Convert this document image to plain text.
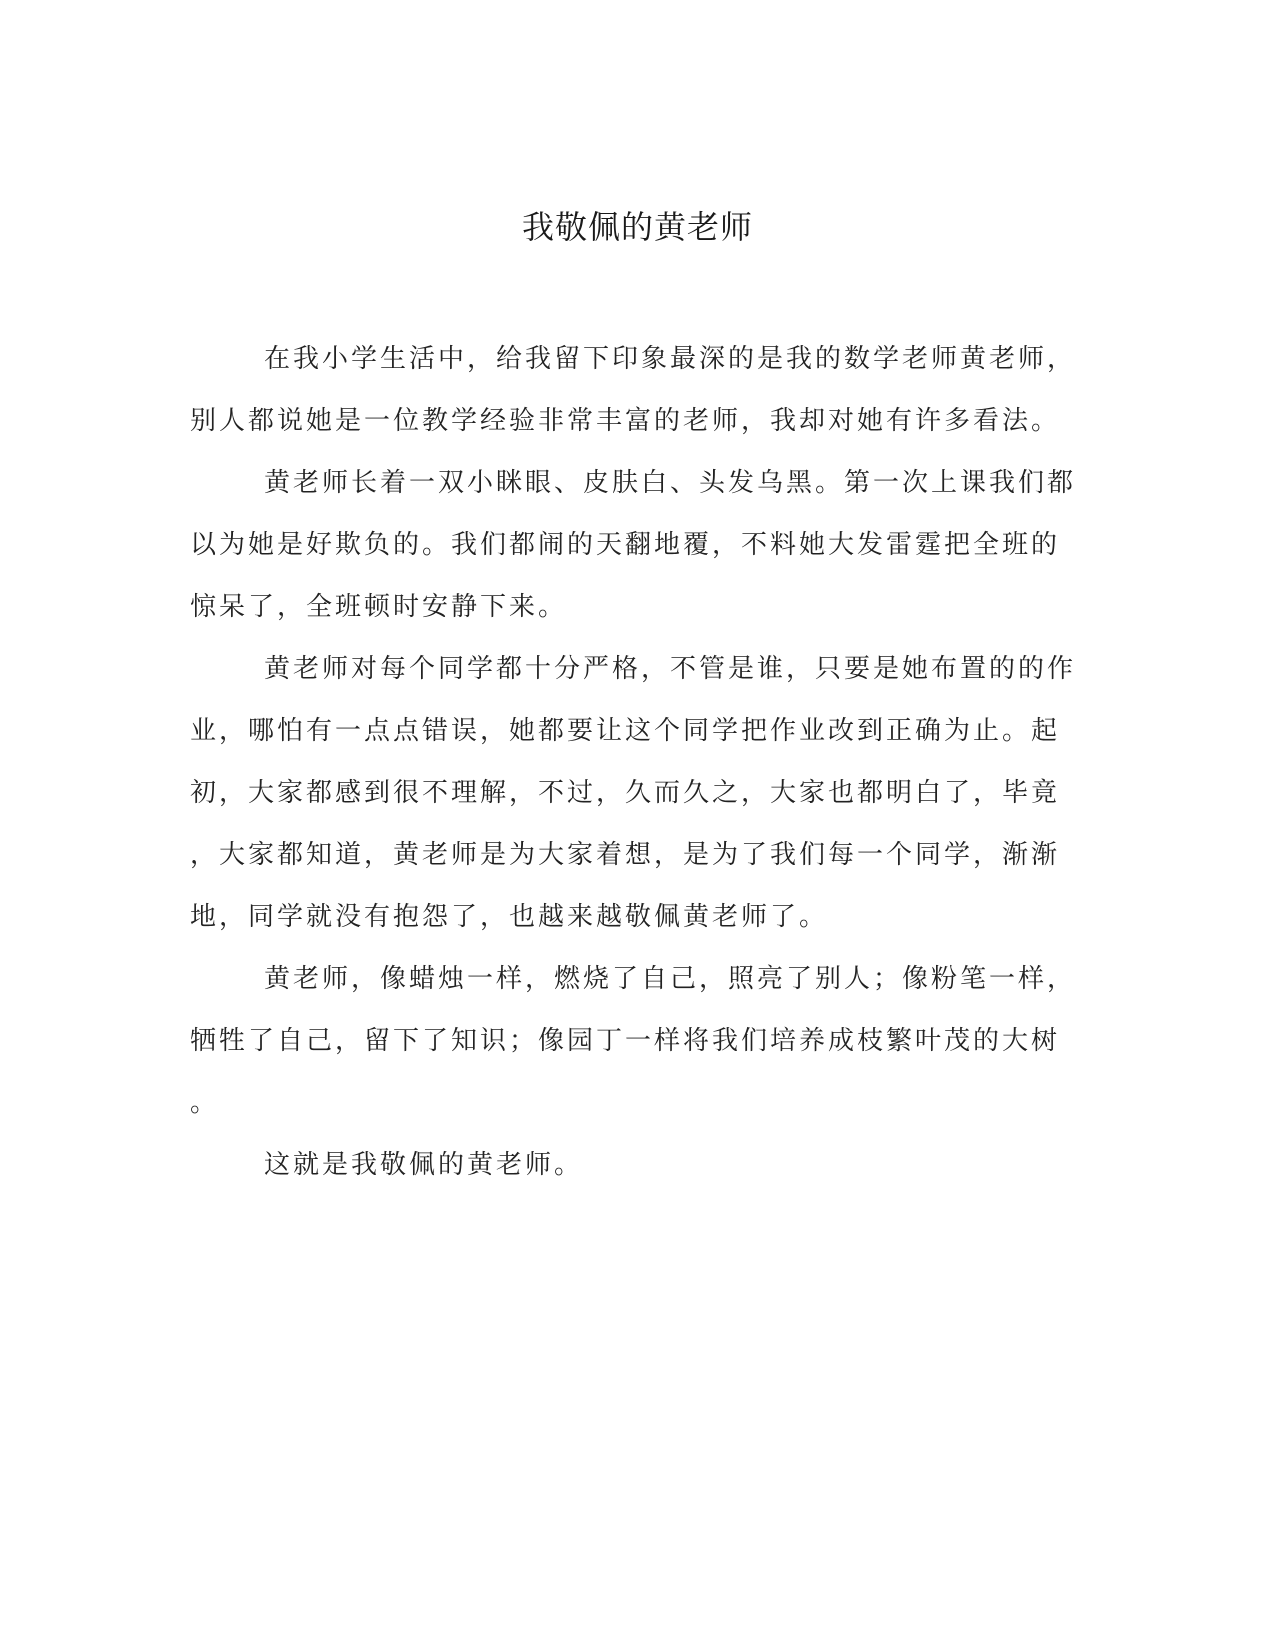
我敬佩的黄老师
在我小学生活中，给我留下印象最深的是我的数学老师黄老师，
别人都说她是一位教学经验非常丰富的老师，我却对她有许多看法。
黄老师长着一双小眯眼、皮肤白、头发乌黑。第一次上课我们都
以为她是好欺负的。我们都闹的天翻地覆，不料她大发雷霆把全班的
惊呆了，全班顿时安静下来。
黄老师对每个同学都十分严格，不管是谁，只要是她布置的的作
业，哪怕有一点点错误，她都要让这个同学把作业改到正确为止。起
初，大家都感到很不理解，不过，久而久之，大家也都明白了，毕竟
，大家都知道，黄老师是为大家着想，是为了我们每一个同学，渐渐
地，同学就没有抱怨了，也越来越敬佩黄老师了。
黄老师，像蜡烛一样，燃烧了自己，照亮了别人；像粉笔一样，
牺牲了自己，留下了知识；像园丁一样将我们培养成枝繁叶茂的大树
。
这就是我敬佩的黄老师。
